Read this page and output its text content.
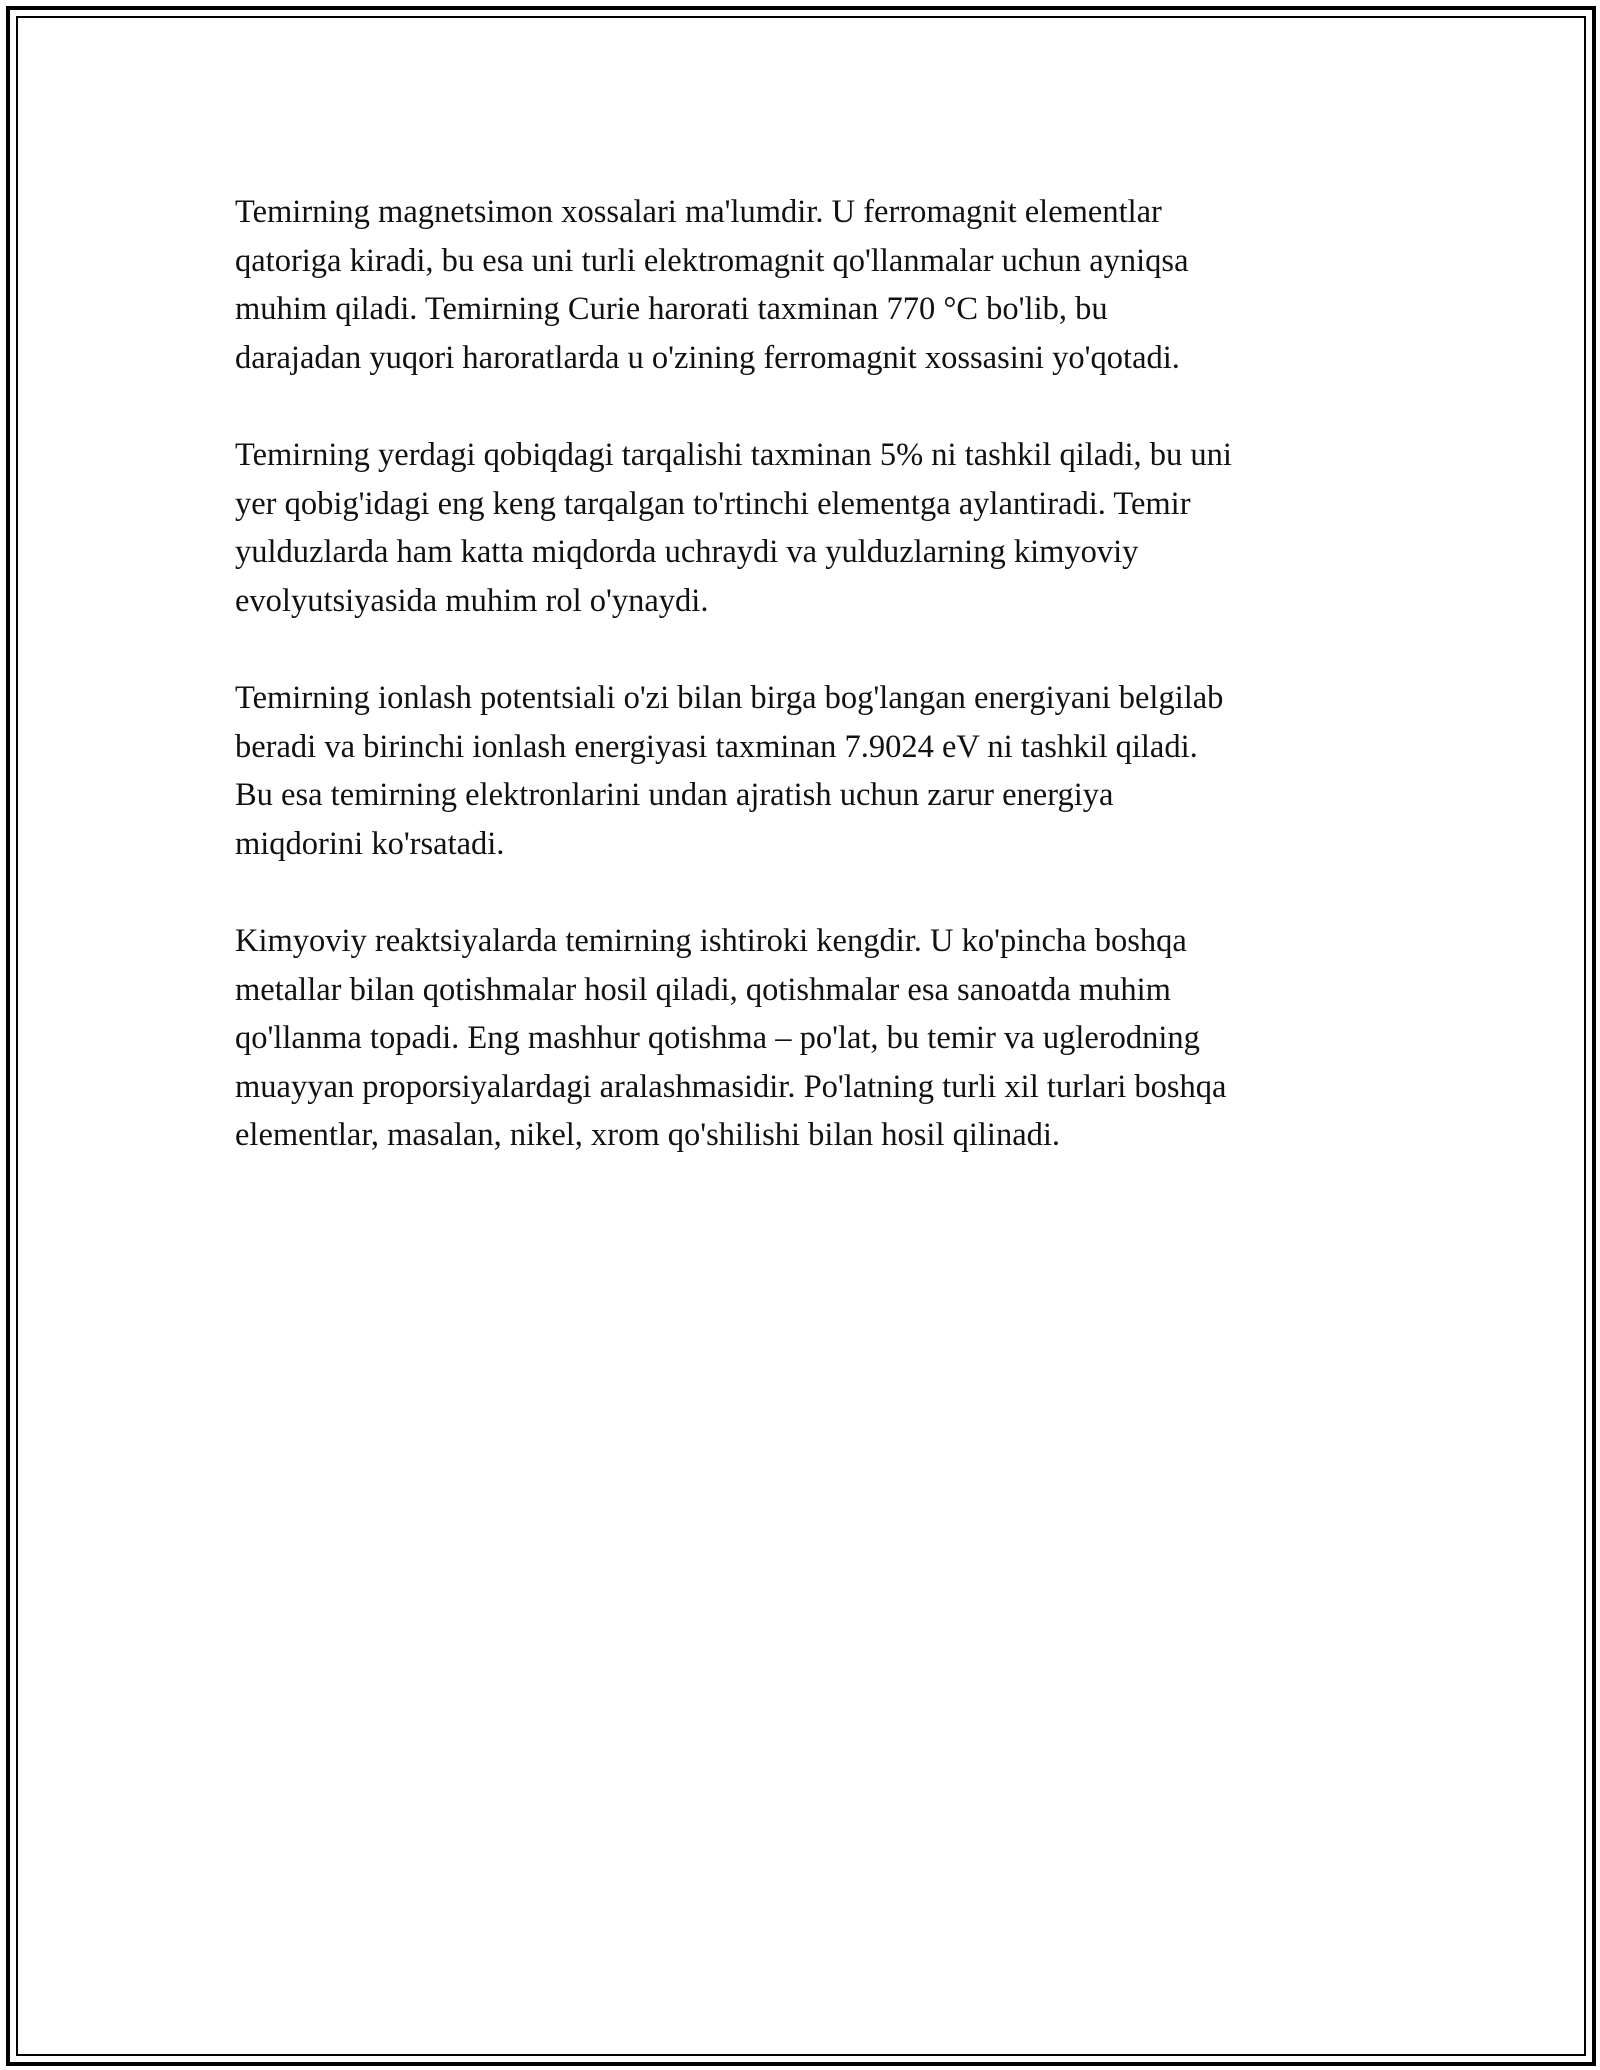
Temirning magnetsimon xossalari ma'lumdir. U ferromagnit elementlar
qatoriga kiradi, bu esa uni turli elektromagnit qo'llanmalar uchun ayniqsa
muhim qiladi. Temirning Curie harorati taxminan 770 °C bo'lib, bu
darajadan yuqori haroratlarda u o'zining ferromagnit xossasini yo'qotadi.

Temirning yerdagi qobiqdagi tarqalishi taxminan 5% ni tashkil qiladi, bu uni
yer qobig'idagi eng keng tarqalgan to'rtinchi elementga aylantiradi. Temir
yulduzlarda ham katta miqdorda uchraydi va yulduzlarning kimyoviy
evolyutsiyasida muhim rol o'ynaydi.

Temirning ionlash potentsiali o'zi bilan birga bog'langan energiyani belgilab
beradi va birinchi ionlash energiyasi taxminan 7.9024 eV ni tashkil qiladi.
Bu esa temirning elektronlarini undan ajratish uchun zarur energiya
miqdorini ko'rsatadi.

Kimyoviy reaktsiyalarda temirning ishtiroki kengdir. U ko'pincha boshqa
metallar bilan qotishmalar hosil qiladi, qotishmalar esa sanoatda muhim
qo'llanma topadi. Eng mashhur qotishma – po'lat, bu temir va uglerodning
muayyan proporsiyalardagi aralashmasidir. Po'latning turli xil turlari boshqa
elementlar, masalan, nikel, xrom qo'shilishi bilan hosil qilinadi.
